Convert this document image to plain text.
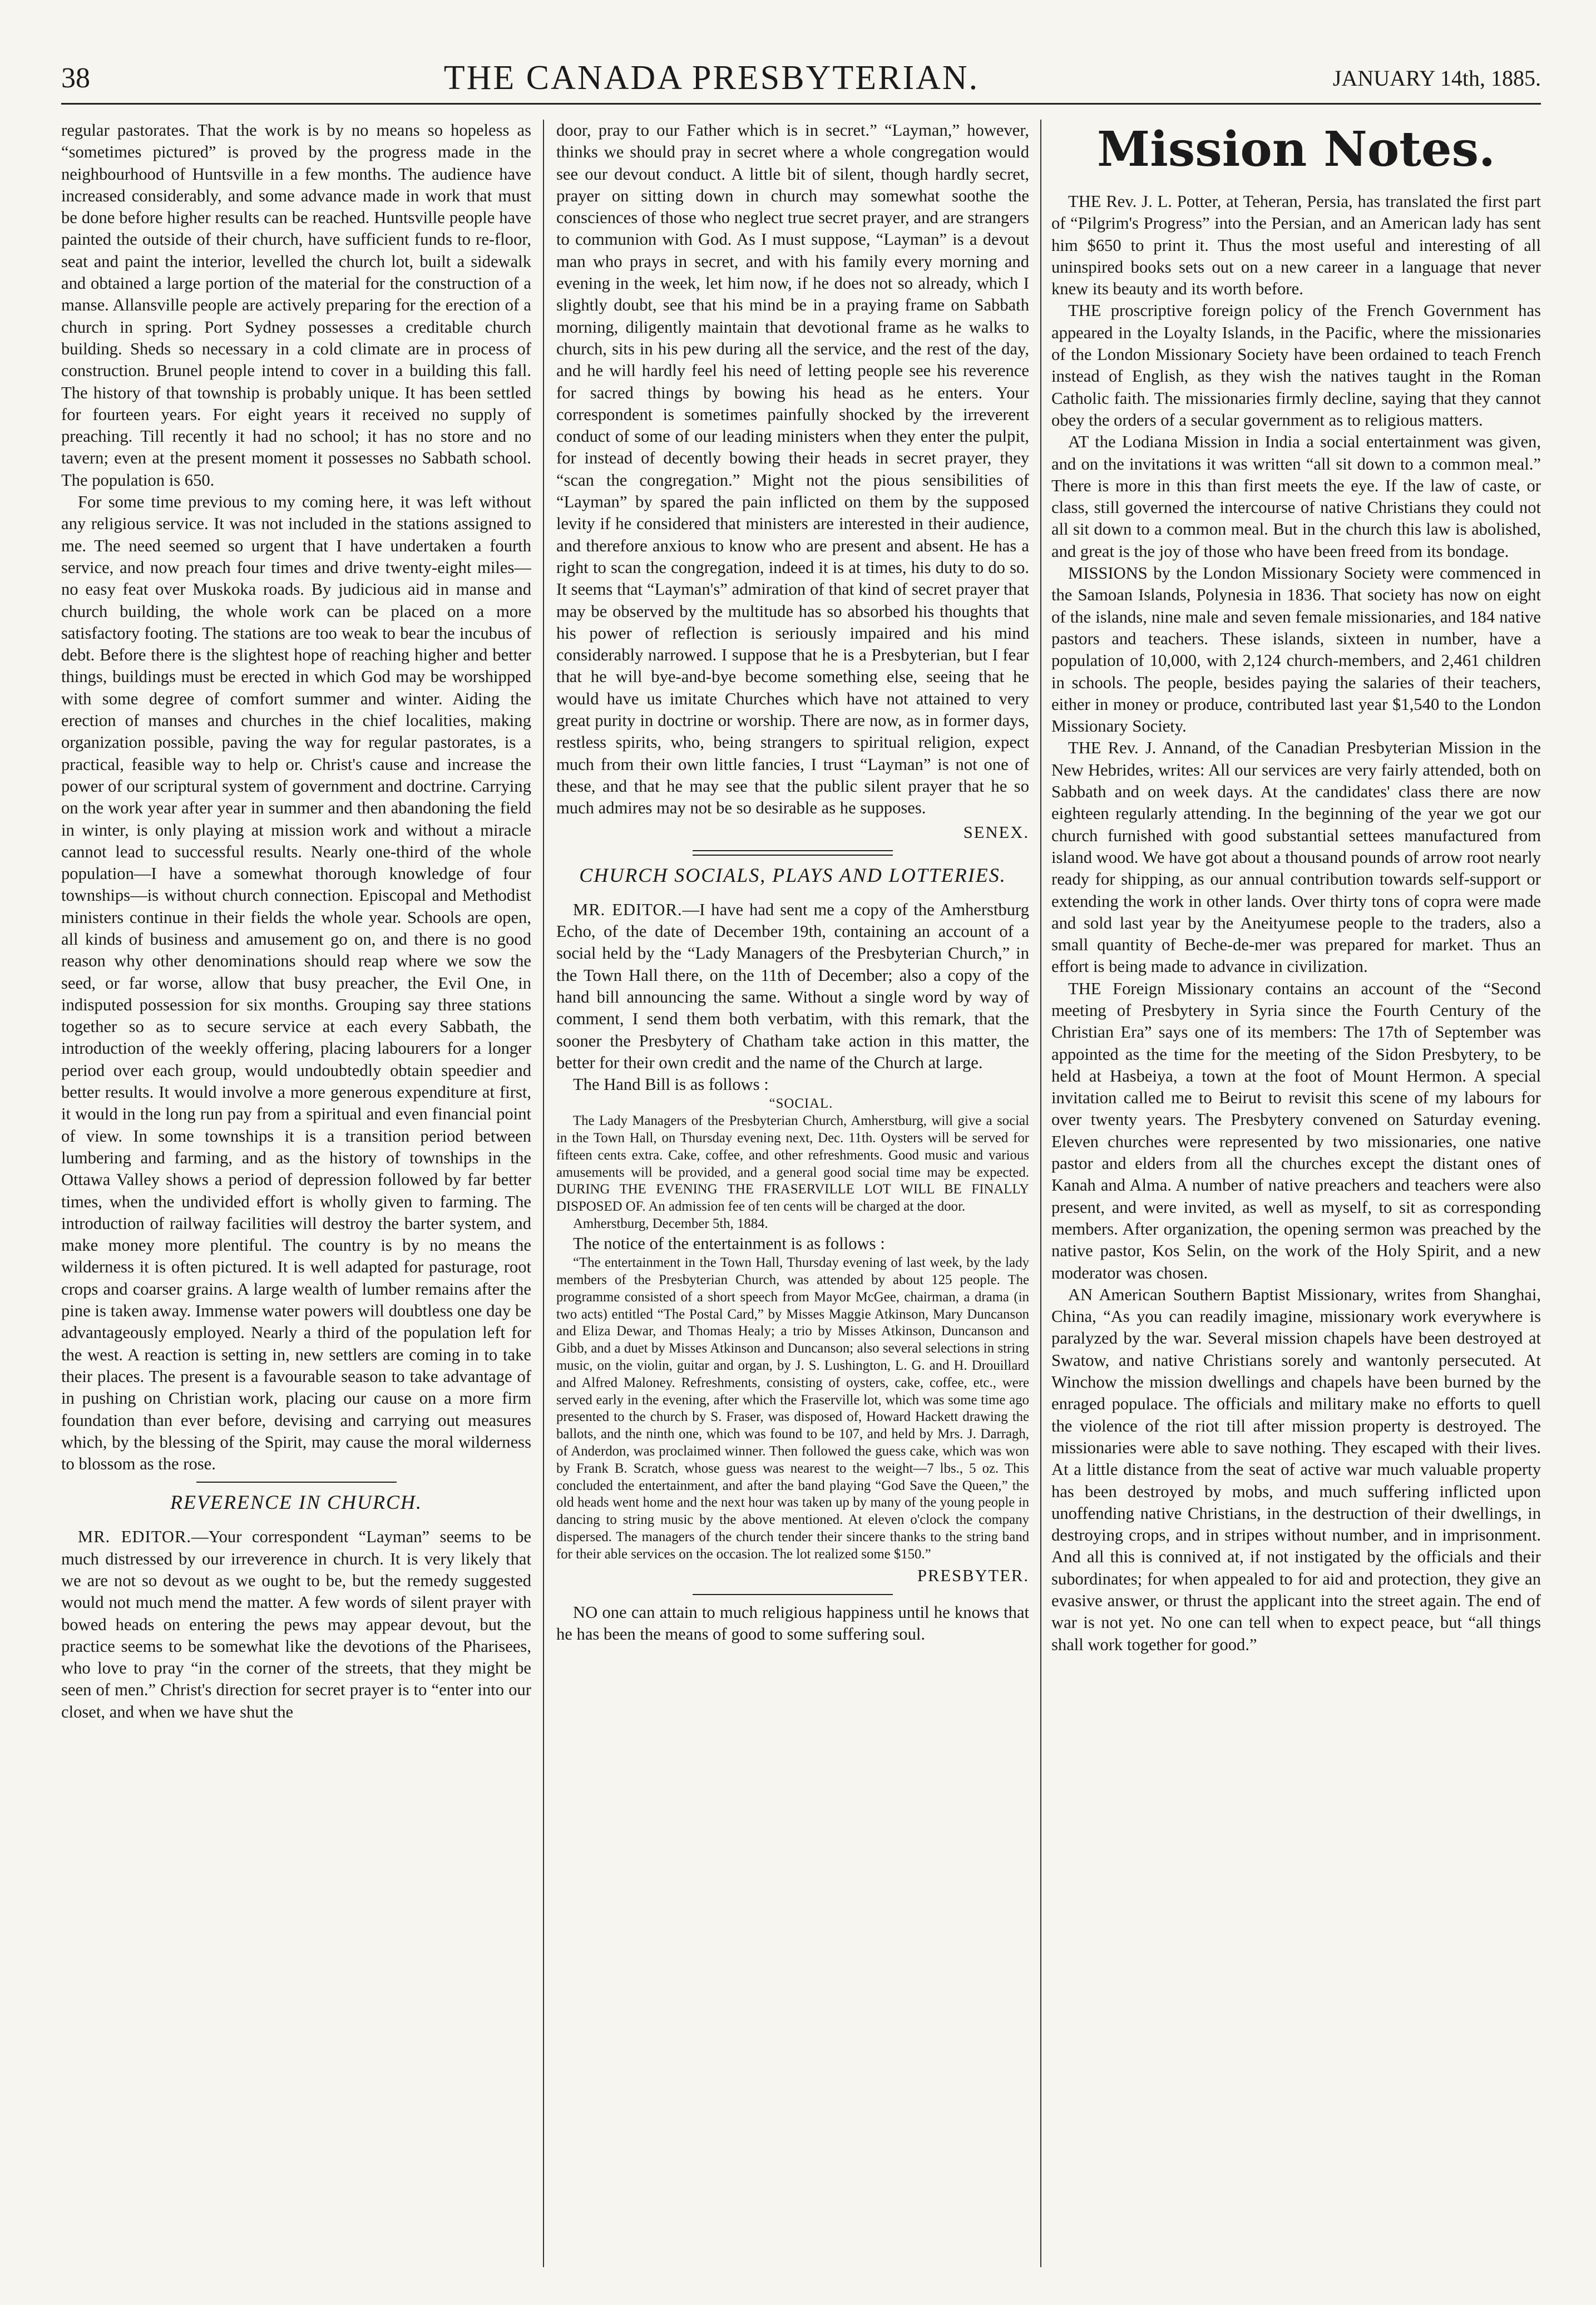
38	THE CANADA PRESBYTERIAN.	JANUARY 14th, 1885.

regular pastorates. That the work is by no means so hopeless as “sometimes pictured” is proved by the progress made in the neighbourhood of Huntsville in a few months. The audience have increased considerably, and some advance made in work that must be done before higher results can be reached. Huntsville people have painted the outside of their church, have sufficient funds to re-floor, seat and paint the interior, levelled the church lot, built a sidewalk and obtained a large portion of the material for the construction of a manse. Allansville people are actively preparing for the erection of a church in spring. Port Sydney possesses a creditable church building. Sheds so necessary in a cold climate are in process of construction. Brunel people intend to cover in a building this fall. The history of that township is probably unique. It has been settled for fourteen years. For eight years it received no supply of preaching. Till recently it had no school; it has no store and no tavern; even at the present moment it possesses no Sabbath school. The population is 650.

For some time previous to my coming here, it was left without any religious service. It was not included in the stations assigned to me. The need seemed so urgent that I have undertaken a fourth service, and now preach four times and drive twenty-eight miles—no easy feat over Muskoka roads. By judicious aid in manse and church building, the whole work can be placed on a more satisfactory footing. The stations are too weak to bear the incubus of debt. Before there is the slightest hope of reaching higher and better things, buildings must be erected in which God may be worshipped with some degree of comfort summer and winter. Aiding the erection of manses and churches in the chief localities, making organization possible, paving the way for regular pastorates, is a practical, feasible way to help or. Christ's cause and increase the power of our scriptural system of government and doctrine. Carrying on the work year after year in summer and then abandoning the field in winter, is only playing at mission work and without a miracle cannot lead to successful results. Nearly one-third of the whole population—I have a somewhat thorough knowledge of four townships—is without church connection. Episcopal and Methodist ministers continue in their fields the whole year. Schools are open, all kinds of business and amusement go on, and there is no good reason why other denominations should reap where we sow the seed, or far worse, allow that busy preacher, the Evil One, in indisputed possession for six months. Grouping say three stations together so as to secure service at each every Sabbath, the introduction of the weekly offering, placing labourers for a longer period over each group, would undoubtedly obtain speedier and better results. It would involve a more generous expenditure at first, it would in the long run pay from a spiritual and even financial point of view. In some townships it is a transition period between lumbering and farming, and as the history of townships in the Ottawa Valley shows a period of depression followed by far better times, when the undivided effort is wholly given to farming. The introduction of railway facilities will destroy the barter system, and make money more plentiful. The country is by no means the wilderness it is often pictured. It is well adapted for pasturage, root crops and coarser grains. A large wealth of lumber remains after the pine is taken away. Immense water powers will doubtless one day be advantageously employed. Nearly a third of the population left for the west. A reaction is setting in, new settlers are coming in to take their places. The present is a favourable season to take advantage of in pushing on Christian work, placing our cause on a more firm foundation than ever before, devising and carrying out measures which, by the blessing of the Spirit, may cause the moral wilderness to blossom as the rose.

REVERENCE IN CHURCH.

MR. EDITOR.—Your correspondent “Layman” seems to be much distressed by our irreverence in church. It is very likely that we are not so devout as we ought to be, but the remedy suggested would not much mend the matter. A few words of silent prayer with bowed heads on entering the pews may appear devout, but the practice seems to be somewhat like the devotions of the Pharisees, who love to pray “in the corner of the streets, that they might be seen of men.” Christ's direction for secret prayer is to “enter into our closet, and when we have shut the

door, pray to our Father which is in secret.” “Layman,” however, thinks we should pray in secret where a whole congregation would see our devout conduct. A little bit of silent, though hardly secret, prayer on sitting down in church may somewhat soothe the consciences of those who neglect true secret prayer, and are strangers to communion with God. As I must suppose, “Layman” is a devout man who prays in secret, and with his family every morning and evening in the week, let him now, if he does not so already, which I slightly doubt, see that his mind be in a praying frame on Sabbath morning, diligently maintain that devotional frame as he walks to church, sits in his pew during all the service, and the rest of the day, and he will hardly feel his need of letting people see his reverence for sacred things by bowing his head as he enters. Your correspondent is sometimes painfully shocked by the irreverent conduct of some of our leading ministers when they enter the pulpit, for instead of decently bowing their heads in secret prayer, they “scan the congregation.” Might not the pious sensibilities of “Layman” by spared the pain inflicted on them by the supposed levity if he considered that ministers are interested in their audience, and therefore anxious to know who are present and absent. He has a right to scan the congregation, indeed it is at times, his duty to do so. It seems that “Layman's” admiration of that kind of secret prayer that may be observed by the multitude has so absorbed his thoughts that his power of reflection is seriously impaired and his mind considerably narrowed. I suppose that he is a Presbyterian, but I fear that he will bye-and-bye become something else, seeing that he would have us imitate Churches which have not attained to very great purity in doctrine or worship. There are now, as in former days, restless spirits, who, being strangers to spiritual religion, expect much from their own little fancies, I trust “Layman” is not one of these, and that he may see that the public silent prayer that he so much admires may not be so desirable as he supposes.

SENEX.
CHURCH SOCIALS, PLAYS AND LOTTERIES.

MR. EDITOR.—I have had sent me a copy of the Amherstburg Echo, of the date of December 19th, containing an account of a social held by the “Lady Managers of the Presbyterian Church,” in the Town Hall there, on the 11th of December; also a copy of the hand bill announcing the same. Without a single word by way of comment, I send them both verbatim, with this remark, that the sooner the Presbytery of Chatham take action in this matter, the better for their own credit and the name of the Church at large.

The Hand Bill is as follows :

“SOCIAL.

The Lady Managers of the Presbyterian Church, Amherstburg, will give a social in the Town Hall, on Thursday evening next, Dec. 11th. Oysters will be served for fifteen cents extra. Cake, coffee, and other refreshments. Good music and various amusements will be provided, and a general good social time may be expected. DURING THE EVENING THE FRASERVILLE LOT WILL BE FINALLY DISPOSED OF. An admission fee of ten cents will be charged at the door.

Amherstburg, December 5th, 1884.

The notice of the entertainment is as follows :

“The entertainment in the Town Hall, Thursday evening of last week, by the lady members of the Presbyterian Church, was attended by about 125 people. The programme consisted of a short speech from Mayor McGee, chairman, a drama (in two acts) entitled “The Postal Card,” by Misses Maggie Atkinson, Mary Duncanson and Eliza Dewar, and Thomas Healy; a trio by Misses Atkinson, Duncanson and Gibb, and a duet by Misses Atkinson and Duncanson; also several selections in string music, on the violin, guitar and organ, by J. S. Lushington, L. G. and H. Drouillard and Alfred Maloney. Refreshments, consisting of oysters, cake, coffee, etc., were served early in the evening, after which the Fraserville lot, which was some time ago presented to the church by S. Fraser, was disposed of, Howard Hackett drawing the ballots, and the ninth one, which was found to be 107, and held by Mrs. J. Darragh, of Anderdon, was proclaimed winner. Then followed the guess cake, which was won by Frank B. Scratch, whose guess was nearest to the weight—7 lbs., 5 oz. This concluded the entertainment, and after the band playing “God Save the Queen,” the old heads went home and the next hour was taken up by many of the young people in dancing to string music by the above mentioned. At eleven o'clock the company dispersed. The managers of the church tender their sincere thanks to the string band for their able services on the occasion. The lot realized some $150.”

PRESBYTER.

NO one can attain to much religious happiness until he knows that he has been the means of good to some suffering soul.

Mission Notes.

THE Rev. J. L. Potter, at Teheran, Persia, has translated the first part of “Pilgrim's Progress” into the Persian, and an American lady has sent him $650 to print it. Thus the most useful and interesting of all uninspired books sets out on a new career in a language that never knew its beauty and its worth before.

THE proscriptive foreign policy of the French Government has appeared in the Loyalty Islands, in the Pacific, where the missionaries of the London Missionary Society have been ordained to teach French instead of English, as they wish the natives taught in the Roman Catholic faith. The missionaries firmly decline, saying that they cannot obey the orders of a secular government as to religious matters.

AT the Lodiana Mission in India a social entertainment was given, and on the invitations it was written “all sit down to a common meal.” There is more in this than first meets the eye. If the law of caste, or class, still governed the intercourse of native Christians they could not all sit down to a common meal. But in the church this law is abolished, and great is the joy of those who have been freed from its bondage.

MISSIONS by the London Missionary Society were commenced in the Samoan Islands, Polynesia in 1836. That society has now on eight of the islands, nine male and seven female missionaries, and 184 native pastors and teachers. These islands, sixteen in number, have a population of 10,000, with 2,124 church-members, and 2,461 children in schools. The people, besides paying the salaries of their teachers, either in money or produce, contributed last year $1,540 to the London Missionary Society.

THE Rev. J. Annand, of the Canadian Presbyterian Mission in the New Hebrides, writes: All our services are very fairly attended, both on Sabbath and on week days. At the candidates' class there are now eighteen regularly attending. In the beginning of the year we got our church furnished with good substantial settees manufactured from island wood. We have got about a thousand pounds of arrow root nearly ready for shipping, as our annual contribution towards self-support or extending the work in other lands. Over thirty tons of copra were made and sold last year by the Aneityumese people to the traders, also a small quantity of Beche-de-mer was prepared for market. Thus an effort is being made to advance in civilization.

THE Foreign Missionary contains an account of the “Second meeting of Presbytery in Syria since the Fourth Century of the Christian Era” says one of its members: The 17th of September was appointed as the time for the meeting of the Sidon Presbytery, to be held at Hasbeiya, a town at the foot of Mount Hermon. A special invitation called me to Beirut to revisit this scene of my labours for over twenty years. The Presbytery convened on Saturday evening. Eleven churches were represented by two missionaries, one native pastor and elders from all the churches except the distant ones of Kanah and Alma. A number of native preachers and teachers were also present, and were invited, as well as myself, to sit as corresponding members. After organization, the opening sermon was preached by the native pastor, Kos Selin, on the work of the Holy Spirit, and a new moderator was chosen.

AN American Southern Baptist Missionary, writes from Shanghai, China, “As you can readily imagine, missionary work everywhere is paralyzed by the war. Several mission chapels have been destroyed at Swatow, and native Christians sorely and wantonly persecuted. At Winchow the mission dwellings and chapels have been burned by the enraged populace. The officials and military make no efforts to quell the violence of the riot till after mission property is destroyed. The missionaries were able to save nothing. They escaped with their lives. At a little distance from the seat of active war much valuable property has been destroyed by mobs, and much suffering inflicted upon unoffending native Christians, in the destruction of their dwellings, in destroying crops, and in stripes without number, and in imprisonment. And all this is connived at, if not instigated by the officials and their subordinates; for when appealed to for aid and protection, they give an evasive answer, or thrust the applicant into the street again. The end of war is not yet. No one can tell when to expect peace, but “all things shall work together for good.”
